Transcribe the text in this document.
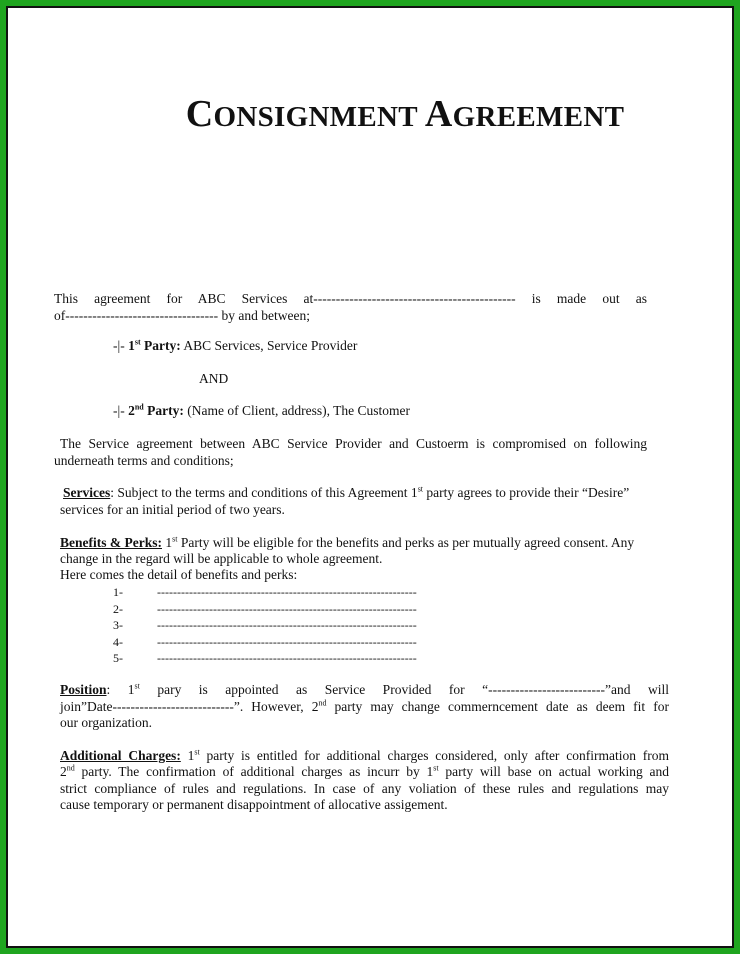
CONSIGNMENT AGREEMENT
This agreement for ABC Services at--------------------------------------------- is made out as
of---------------------------------- by and between;
-|- 1st Party: ABC Services, Service Provider
AND
-|- 2nd Party: (Name of Client, address), The Customer
The Service agreement between ABC Service Provider and Custoerm is compromised on following
underneath terms and conditions;
Services: Subject to the terms and conditions of this Agreement 1st party agrees to provide their “Desire”
services for an initial period of two years.
Benefits & Perks: 1st Party will be eligible for the benefits and perks as per mutually agreed consent. Any
change in the regard will be applicable to whole agreement.
Here comes the detail of benefits and perks:
1-	-----------------------------------------------------------------
2-	-----------------------------------------------------------------
3-	-----------------------------------------------------------------
4-	-----------------------------------------------------------------
5-	-----------------------------------------------------------------
Position: 1st pary is appointed as Service Provided for “--------------------------”and will
join”Date---------------------------”. However, 2nd party may change commerncement date as deem fit for
our organization.
Additional Charges: 1st party is entitled for additional charges considered, only after confirmation from
2nd party. The confirmation of additional charges as incurr by 1st party will base on actual working and
strict compliance of rules and regulations. In case of any voliation of these rules and regulations may
cause temporary or permanent disappointment of allocative assigement.
